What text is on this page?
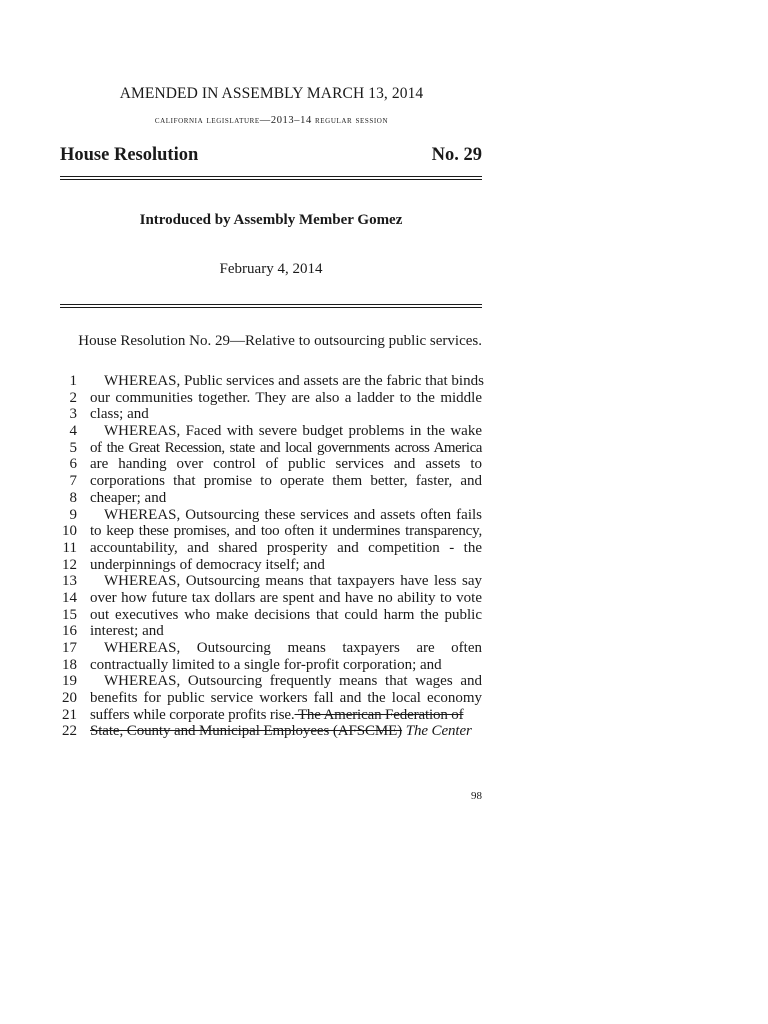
AMENDED IN ASSEMBLY MARCH 13, 2014
california legislature—2013–14 regular session
House Resolution	No. 29
Introduced by Assembly Member Gomez
February 4, 2014
House Resolution No. 29—Relative to outsourcing public services.
1 WHEREAS, Public services and assets are the fabric that binds
2 our communities together. They are also a ladder to the middle
3 class; and
4 WHEREAS, Faced with severe budget problems in the wake
5 of the Great Recession, state and local governments across America
6 are handing over control of public services and assets to
7 corporations that promise to operate them better, faster, and
8 cheaper; and
9 WHEREAS, Outsourcing these services and assets often fails
10 to keep these promises, and too often it undermines transparency,
11 accountability, and shared prosperity and competition - the
12 underpinnings of democracy itself; and
13 WHEREAS, Outsourcing means that taxpayers have less say
14 over how future tax dollars are spent and have no ability to vote
15 out executives who make decisions that could harm the public
16 interest; and
17 WHEREAS, Outsourcing means taxpayers are often
18 contractually limited to a single for-profit corporation; and
19 WHEREAS, Outsourcing frequently means that wages and
20 benefits for public service workers fall and the local economy
21 suffers while corporate profits rise. The American Federation of
22 State, County and Municipal Employees (AFSCME) The Center
98
